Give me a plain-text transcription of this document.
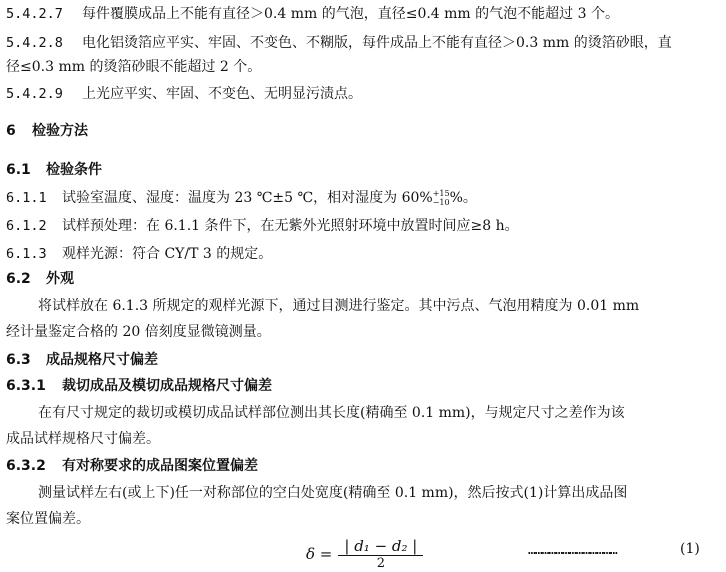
5.4.2.7 每件覆膜成品上不能有直径＞0.4 mm 的气泡，直径≤0.4 mm 的气泡不能超过 3 个。
5.4.2.8 电化铝烫箔应平实、牢固、不变色、不糊版，每件成品上不能有直径＞0.3 mm 的烫箔砂眼，直
径≤0.3 mm 的烫箔砂眼不能超过 2 个。
5.4.2.9 上光应平实、牢固、不变色、无明显污渍点。
6 检验方法
6.1 检验条件
6.1.1 试验室温度、湿度：温度为 23 ℃±5 ℃，相对湿度为 60% +15
−10 %。
6.1.2 试样预处理：在 6.1.1 条件下，在无紫外光照射环境中放置时间应≥8 h。
6.1.3 观样光源：符合 CY/T 3 的规定。
6.2 外观
将试样放在 6.1.3 所规定的观样光源下，通过目测进行鉴定。其中污点、气泡用精度为 0.01 mm
经计量鉴定合格的 20 倍刻度显微镜测量。
6.3 成品规格尺寸偏差
6.3.1 裁切成品及模切成品规格尺寸偏差
在有尺寸规定的裁切或模切成品试样部位测出其长度(精确至 0.1 mm)，与规定尺寸之差作为该
成品试样规格尺寸偏差。
6.3.2 有对称要求的成品图案位置偏差
测量试样左右(或上下)任一对称部位的空白处宽度(精确至 0.1 mm)，然后按式(1)计算出成品图
案位置偏差。
$\delta = \frac{\text{| d₁ − d₂ |}}{2}$	…………………………………	(1)
